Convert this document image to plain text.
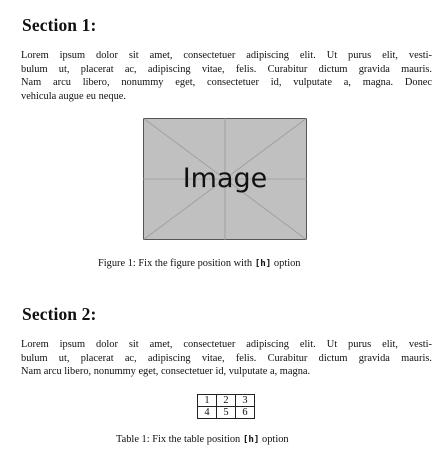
Section 1:

Lorem ipsum dolor sit amet, consectetuer adipiscing elit. Ut purus elit, vesti-
bulum ut, placerat ac, adipiscing vitae, felis. Curabitur dictum gravida mauris.
Nam arcu libero, nonummy eget, consectetuer id, vulputate a, magna. Donec
vehicula augue eu neque.

Image

Figure 1: Fix the figure position with [h] option

Section 2:

Lorem ipsum dolor sit amet, consectetuer adipiscing elit. Ut purus elit, vesti-
bulum ut, placerat ac, adipiscing vitae, felis. Curabitur dictum gravida mauris.
Nam arcu libero, nonummy eget, consectetuer id, vulputate a, magna.

1	2	3
4	5	6

Table 1: Fix the table position [h] option
